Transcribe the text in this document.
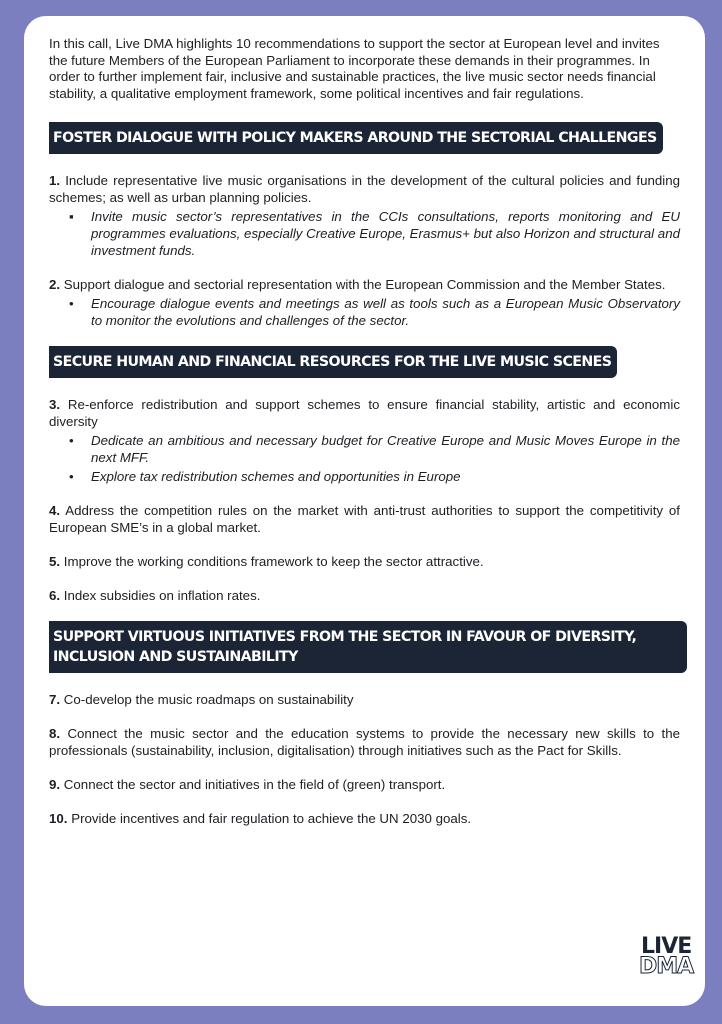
In this call, Live DMA highlights 10 recommendations to support the sector at European level and invites the future Members of the European Parliament to incorporate these demands in their programmes. In order to further implement fair, inclusive and sustainable practices, the live music sector needs financial stability, a qualitative employment framework, some political incentives and fair regulations.

FOSTER DIALOGUE WITH POLICY MAKERS AROUND THE SECTORIAL CHALLENGES
1. Include representative live music organisations in the development of the cultural policies and funding schemes; as well as urban planning policies.
▪ Invite music sector’s representatives in the CCIs consultations, reports monitoring and EU programmes evaluations, especially Creative Europe, Erasmus+ but also Horizon and structural and investment funds.
2. Support dialogue and sectorial representation with the European Commission and the Member States.
• Encourage dialogue events and meetings as well as tools such as a European Music Observatory to monitor the evolutions and challenges of the sector.
SECURE HUMAN AND FINANCIAL RESOURCES FOR THE LIVE MUSIC SCENES
3. Re-enforce redistribution and support schemes to ensure financial stability, artistic and economic diversity
• Dedicate an ambitious and necessary budget for Creative Europe and Music Moves Europe in the next MFF.
• Explore tax redistribution schemes and opportunities in Europe
4. Address the competition rules on the market with anti-trust authorities to support the competitivity of European SME’s in a global market.
5. Improve the working conditions framework to keep the sector attractive.
6. Index subsidies on inflation rates.
SUPPORT VIRTUOUS INITIATIVES FROM THE SECTOR IN FAVOUR OF DIVERSITY, INCLUSION AND SUSTAINABILITY
7. Co-develop the music roadmaps on sustainability
8. Connect the music sector and the education systems to provide the necessary new skills to the professionals (sustainability, inclusion, digitalisation) through initiatives such as the Pact for Skills.
9. Connect the sector and initiatives in the field of (green) transport.
10. Provide incentives and fair regulation to achieve the UN 2030 goals.
LIVE
DMA
